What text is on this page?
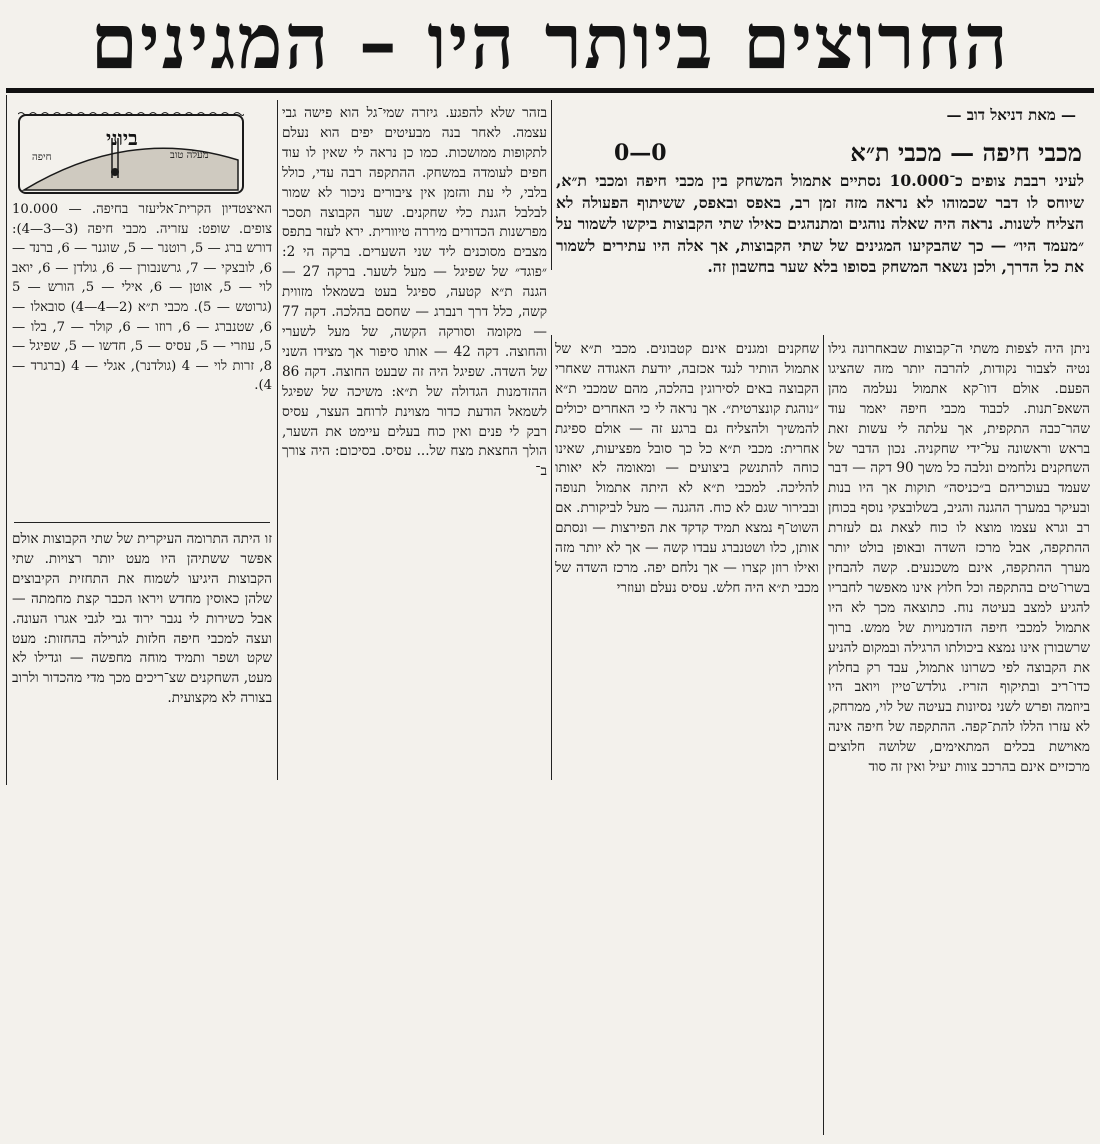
החרוצים ביותר היו – המגינים
— מאת דניאל דוב —
מכבי חיפה — מכבי ת״א
0—0
לעיני רבבת צופים כ־10.000 נסתיים אתמול המשחק בין מכבי חיפה ומכבי ת״א, שיוחס לו דבר שכמוהו לא נראה מזה זמן רב, באפס ובאפס, ששיתוף הפעולה לא הצליח לשנות. נראה היה שאלה נוהגים ומתנהגים כאילו שתי הקבוצות ביקשו לשמור על ״מעמד היו״ — כך שהבקיעו המגינים של שתי הקבוצות, אך אלה היו עתירים לשמור את כל הדרך, ולכן נשאר המשחק בסופו בלא שער בחשבון זה.
ניתן היה לצפות משתי ה־קבוצות שבאחרונה גילו נטיה לצבור נקודות, להרבה יותר מזה שהציגו הפעם. אולם דוו־קא אתמול נעלמה מהן השאפ־תנות. לכבוד מכבי חיפה יאמר עוד שהר־כבה התקפית, אך עלתה לי עשות זאת בראש וראשונה על־ידי שחקניה. נכון הדבר של השחקנים נלחמים ונלבה כל משך 90 דקה — דבר שעמד בעוכריהם ב״כניסה״ תוקות אך היו בנות ובעיקר במערך ההגנה והגיב, בשלובצקי נוסף בכוחן רב וגרא עצמו מוצא לו כוח לצאת גם לעזרת ההתקפה, אבל מרכז השדה ובאופן בולט יותר מערך ההתקפה, אינם משכנעים. קשה להבחין בשרו־טים בהתקפה וכל חלוץ אינו מאפשר לחבריו להגיע למצב בעיטה נוח. כתוצאה מכך לא היו אתמול למכבי חיפה הזדמנויות של ממש. ברוך שרשבורן אינו נמצא ביכולתו הרגילה ובמקום להניע את הקבוצה לפי כשרונו אתמול, עבד רק בחלוץ כדו־ריב ובתיקוף הזריז. גולדש־טיין ויואב היו ביוזמה ופרש לשני נסיונות בעיטה של לוי, ממרחק, לא עזרו הללו להת־קפה. ההתקפה של חיפה אינה מאוישת בכלים המתאימים, שלושה חלוצים מרכזיים אינם בהרכב צוות יעיל ואין זה סוד
שחקנים ומגנים אינם קטבונים. מכבי ת״א של אתמול הותיר לנגד אכזבה, יודעת האגודה שאחרי הקבוצה באים לסירוגין בהלכה, מהם שמכבי ת״א ״נוהגת קונצרטית״. אך נראה לי כי האחרים יכולים להמשיך ולהצליח גם ברגע זה — אולם ספיגת אחרית: מכבי ת״א כל כך סובל מפציעות, שאינו כוחה להתנשק ביצועים — ומאומה לא יאותו להליכה. למכבי ת״א לא היתה אתמול תנופה ובבירור שגם לא כוח. ההגנה — מעל לביקורת. אם השוט־ף נמצא תמיד קדקד את הפירצות — ונסתם אותן, כלו ושטנברג עבדו קשה — אך לא יותר מזה ואילו רוזן קצרו — אך נלחם יפה. מרכז השדה של מכבי ת״א היה חלש. עסיס נעלם ועוזרי
בזהר שלא להפגע. גיזרה שמי־גל הוא פישה גבי עצמה. לאחר בנה מבעיטים יפים הוא נעלם לתקופות ממושכות. כמו כן נראה לי שאין לו עוד חפים לעומדה במשחק. ההתקפה רבה עדי, כולל בלבי, לי עת והזמן אין ציבורים ניכור לא שמור לבלבל הגנת כלי שחקנים. שער הקבוצה תסכר מפרשנות הכדורים מיררה טיוורית. ירא לעזר בתפס מצבים מסוכנים ליד שני השערים. ברקה הי 2: ״פוגד״ של שפיגל — מעל לשער. ברקה 27 — הגנה ת״א קטעה, ספיגל בעט בשמאלו מזווית קשה, כלל דרך רנברג — שחסם בהלכה. דקה 77 — מקומה וסורקה הקשה, של מעל לשערי והחוצה. דקה 42 — אותו סיפור אך מצידו השני של השדה. שפיגל היה זה שבעט החוצה. דקה 86 ההזדמנות הגדולה של ת״א: משיכה של שפיגל לשמאל הודעת כדור מצוינת לרוחב העצר, עסיס רבק לי פנים ואין כוח בעלים עיימט את השער, הולך החצאת מצח של... עסיס. בסיכום: היה צורך ב־
ביוני
חיפה	מעלה טוב
האיצטדיון הקרית־אליעזר בחיפה. — 10.000 צופים. שופט: עזריה. מכבי חיפה (3—3—4): דורש ברג — 5, רוטנר — 5, שוגנר — 6, ברנד — 6, לובצקי — 7, גרשנבורן — 6, גולדן — 6, יואב לוי — 5, אוטן — 6, אילי — 5, הורש — 5 (גרוטש — 5). מכבי ת״א (2—4—4) סובאלו — 6, שטנברג — 6, רוזו — 6, קולר — 7, בלו — 5, עוזרי — 5, עסיס — 5, חדשו — 5, שפיגל — 8, זרות לוי — 4 (גולדנר), אגלי — 4 (ברגרד — 4).
זו היתה התרומה העיקרית של שתי הקבוצות אולם אפשר ששתיהן היו מעט יותר רצויות. שתי הקבוצות היגיעו לשמוח את התחזית הקיבוצים שלהן כאוסין מחדש ויראו הכבר קצת מחמתה — אבל כשירות לי נגבר ירוד גבי לגבי אגרו העונה. ועצה למכבי חיפה חלזות לגרילה בהחזות: מעט שקט ושפר ותמיד מוחה מחפשה — וגדילו לא מעט, השחקנים שצ־ריכים מכך מדי מהכדור ולרוב בצורה לא מקצועית.
